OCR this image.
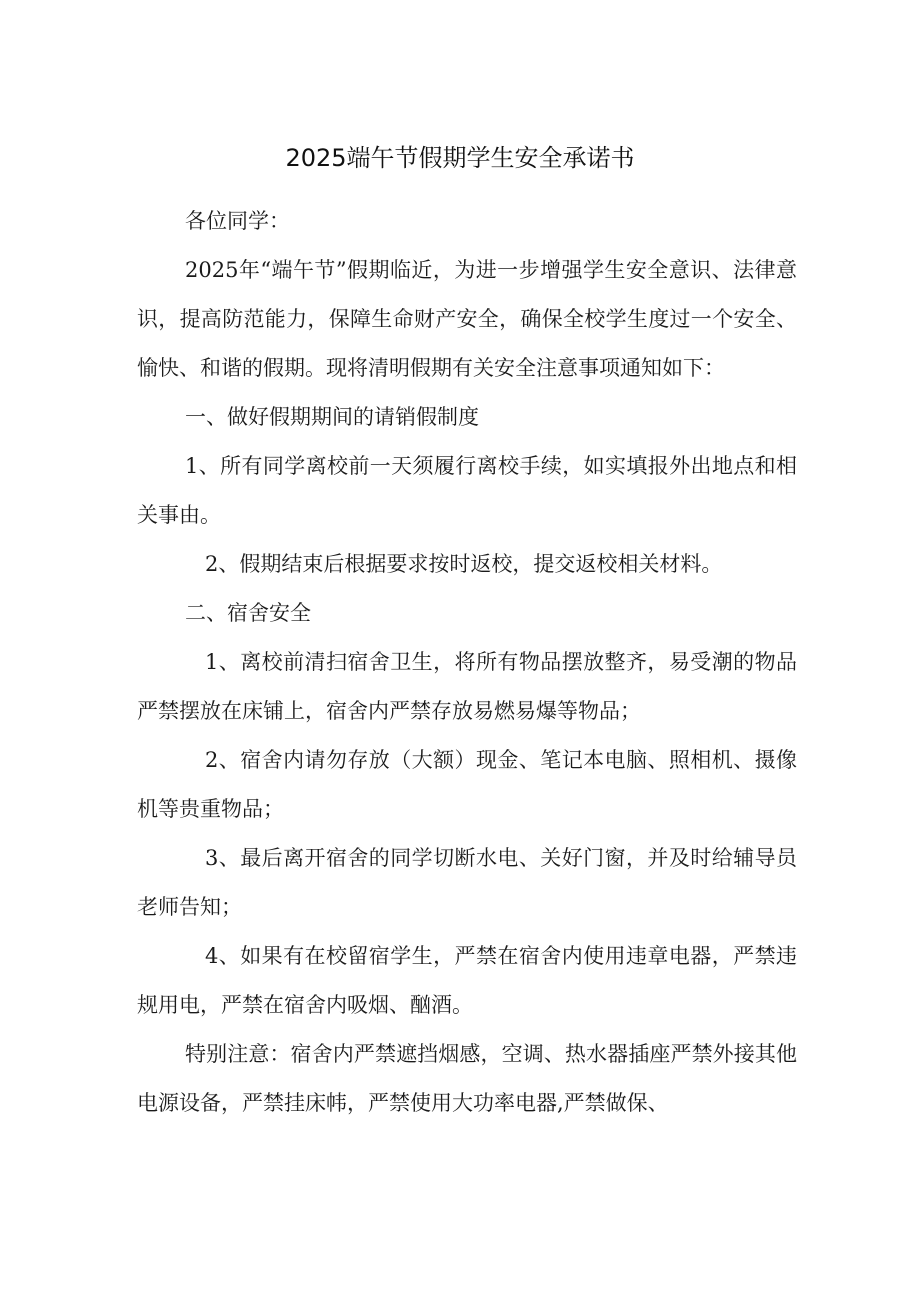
2025端午节假期学生安全承诺书

各位同学：

2025年“端午节”假期临近，为进一步增强学生安全意识、法律意识，提高防范能力，保障生命财产安全，确保全校学生度过一个安全、愉快、和谐的假期。现将清明假期有关安全注意事项通知如下：

一、做好假期期间的请销假制度

1、所有同学离校前一天须履行离校手续，如实填报外出地点和相关事由。

2、假期结束后根据要求按时返校，提交返校相关材料。

二、宿舍安全

1、离校前清扫宿舍卫生，将所有物品摆放整齐，易受潮的物品严禁摆放在床铺上，宿舍内严禁存放易燃易爆等物品；

2、宿舍内请勿存放（大额）现金、笔记本电脑、照相机、摄像机等贵重物品；

3、最后离开宿舍的同学切断水电、关好门窗，并及时给辅导员老师告知；

4、如果有在校留宿学生，严禁在宿舍内使用违章电器，严禁违规用电，严禁在宿舍内吸烟、酗酒。

特别注意：宿舍内严禁遮挡烟感，空调、热水器插座严禁外接其他电源设备，严禁挂床帏，严禁使用大功率电器,严禁做保、
